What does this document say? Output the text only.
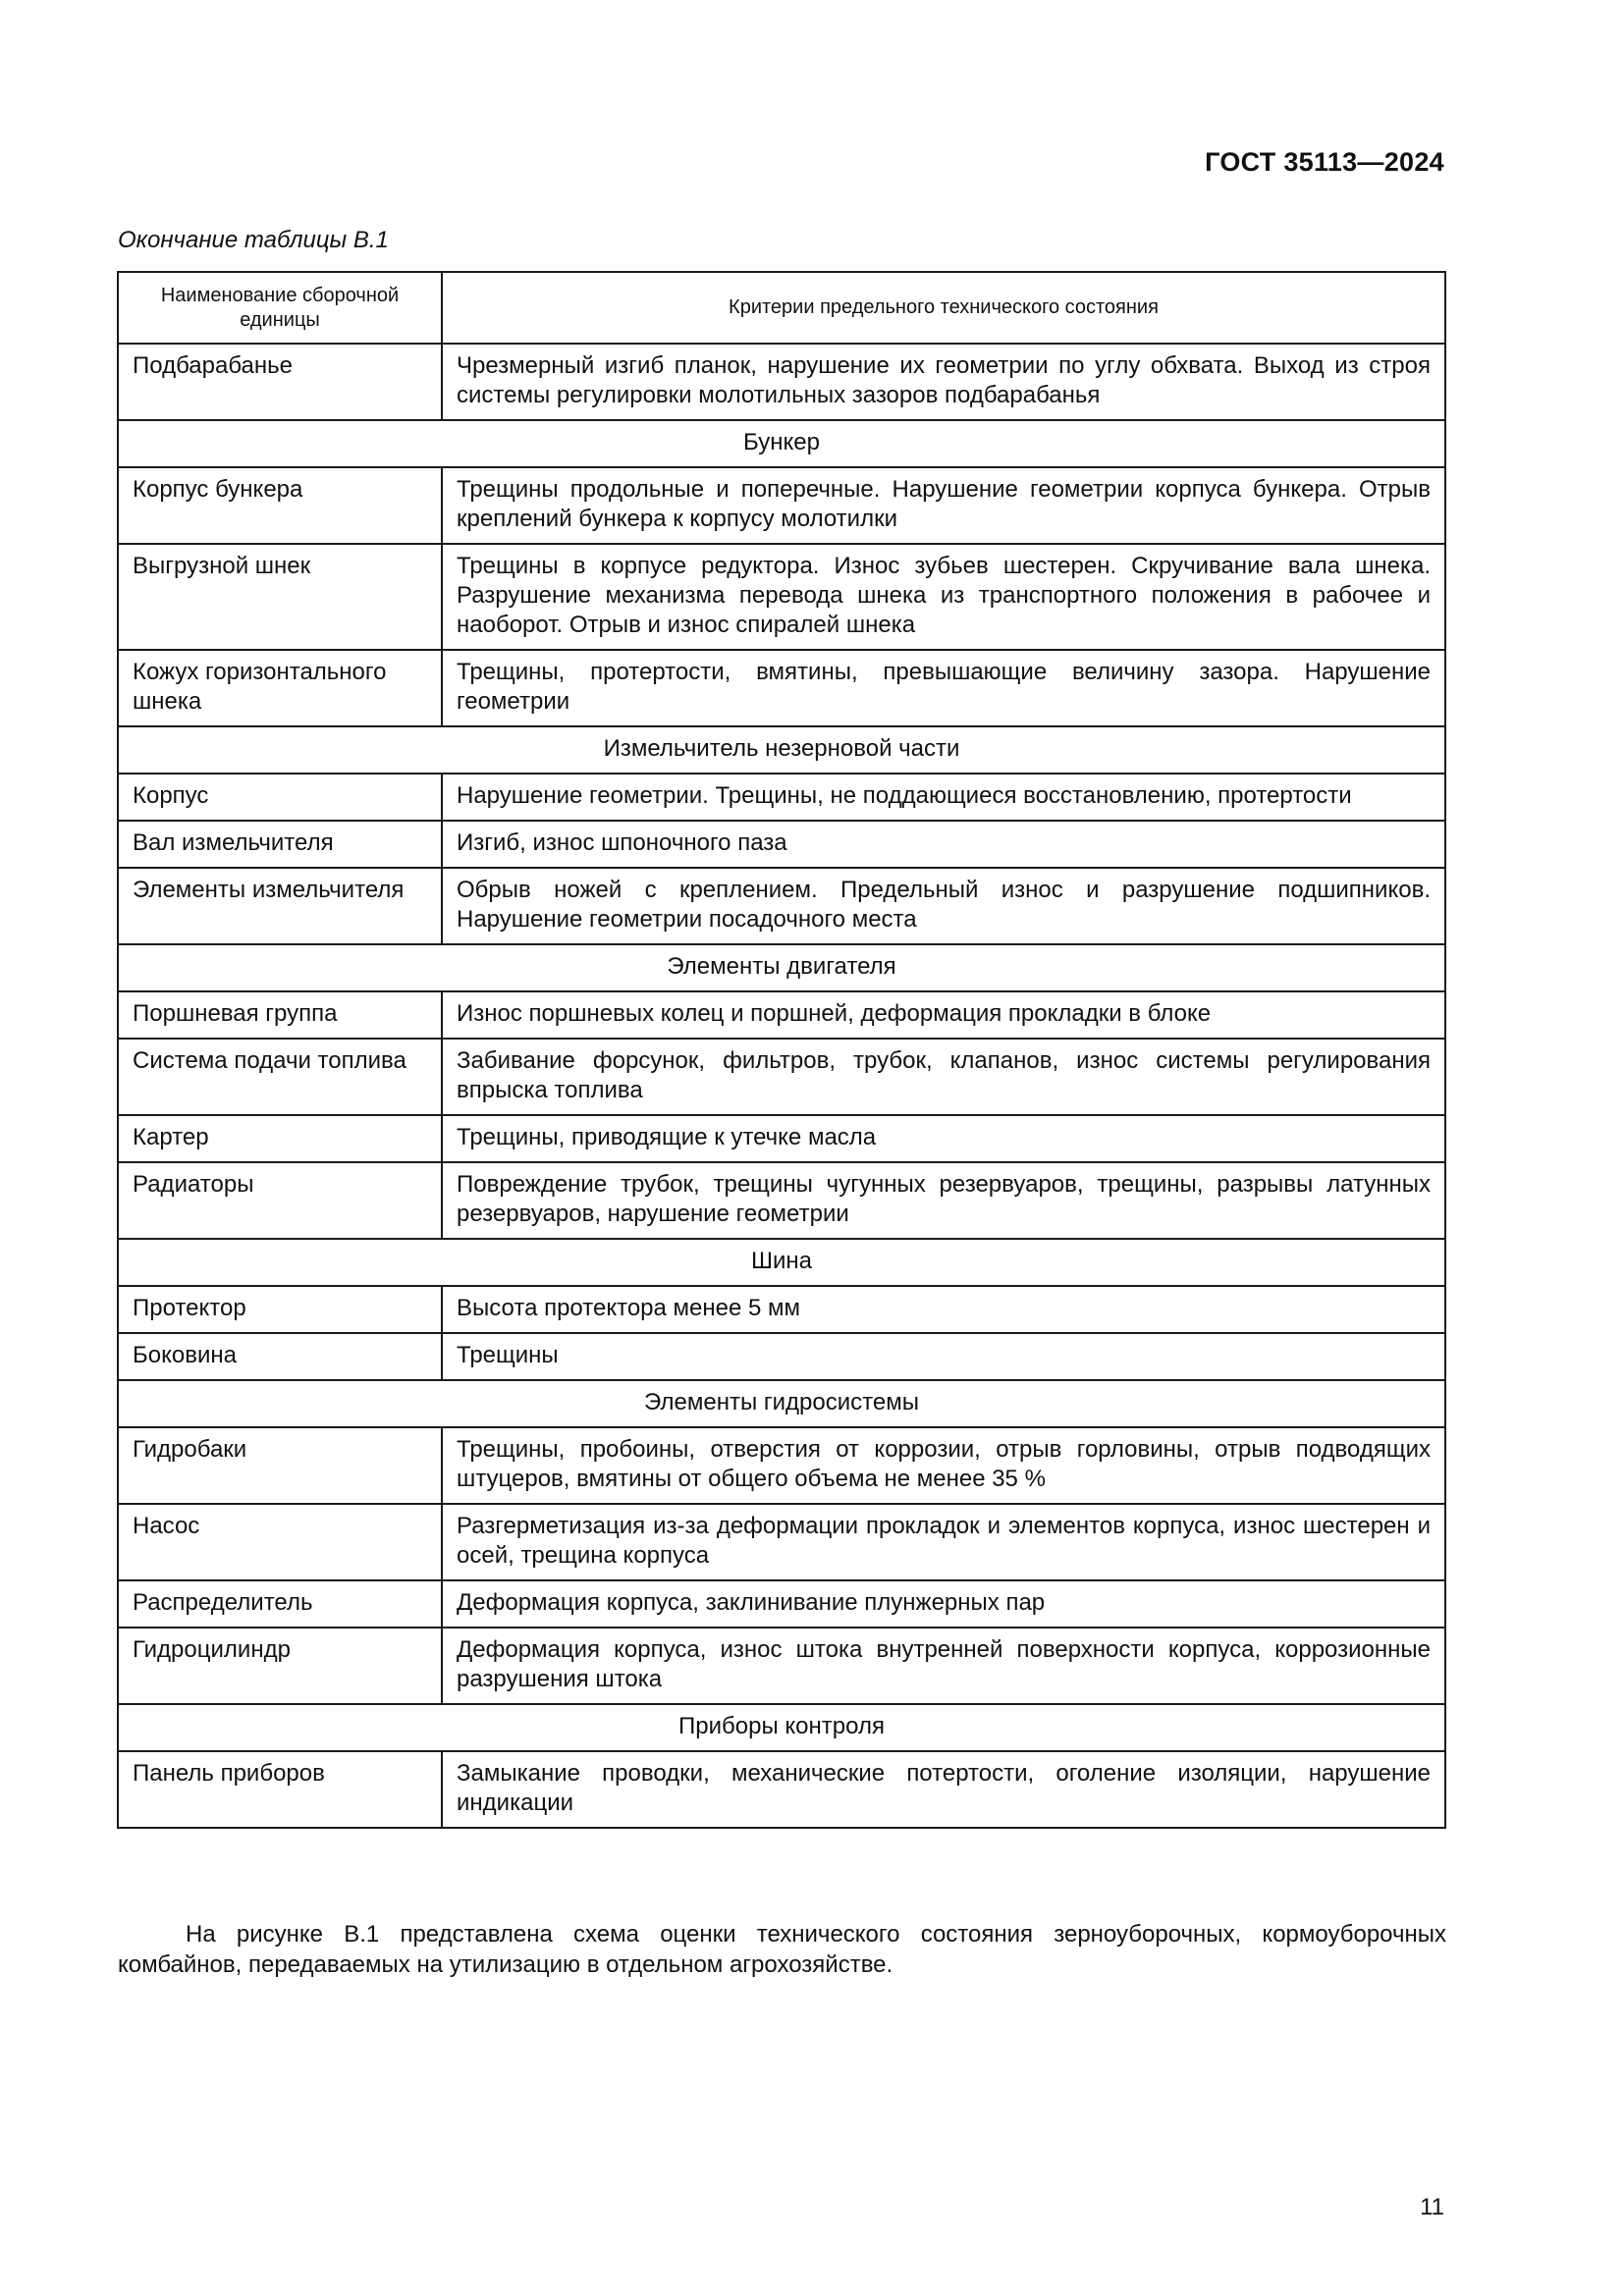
ГОСТ 35113—2024
Окончание таблицы В.1
Наименование сборочной единицы	Критерии предельного технического состояния
Подбарабанье	Чрезмерный изгиб планок, нарушение их геометрии по углу обхвата. Выход из строя системы регулировки молотильных зазоров подбарабанья
Бункер	
Корпус бункера	Трещины продольные и поперечные. Нарушение геометрии корпуса бункера. Отрыв креплений бункера к корпусу молотилки
Выгрузной шнек	Трещины в корпусе редуктора. Износ зубьев шестерен. Скручивание вала шнека. Разрушение механизма перевода шнека из транспортного положения в рабочее и наоборот. Отрыв и износ спиралей шнека
Кожух горизонтального шнека	Трещины, протертости, вмятины, превышающие величину зазора. Нарушение геометрии
Измельчитель незерновой части	
Корпус	Нарушение геометрии. Трещины, не поддающиеся восстановлению, протертости
Вал измельчителя	Изгиб, износ шпоночного паза
Элементы измельчителя	Обрыв ножей с креплением. Предельный износ и разрушение подшипников. Нарушение геометрии посадочного места
Элементы двигателя	
Поршневая группа	Износ поршневых колец и поршней, деформация прокладки в блоке
Система подачи топлива	Забивание форсунок, фильтров, трубок, клапанов, износ системы регулирования впрыска топлива
Картер	Трещины, приводящие к утечке масла
Радиаторы	Повреждение трубок, трещины чугунных резервуаров, трещины, разрывы латунных резервуаров, нарушение геометрии
Шина	
Протектор	Высота протектора менее 5 мм
Боковина	Трещины
Элементы гидросистемы	
Гидробаки	Трещины, пробоины, отверстия от коррозии, отрыв горловины, отрыв подводящих штуцеров, вмятины от общего объема не менее 35 %
Насос	Разгерметизация из-за деформации прокладок и элементов корпуса, износ шестерен и осей, трещина корпуса
Распределитель	Деформация корпуса, заклинивание плунжерных пар
Гидроцилиндр	Деформация корпуса, износ штока внутренней поверхности корпуса, коррозионные разрушения штока
Приборы контроля	
Панель приборов	Замыкание проводки, механические потертости, оголение изоляции, нарушение индикации
На рисунке В.1 представлена схема оценки технического состояния зерноуборочных, кормоуборочных комбайнов, передаваемых на утилизацию в отдельном агрохозяйстве.
11
